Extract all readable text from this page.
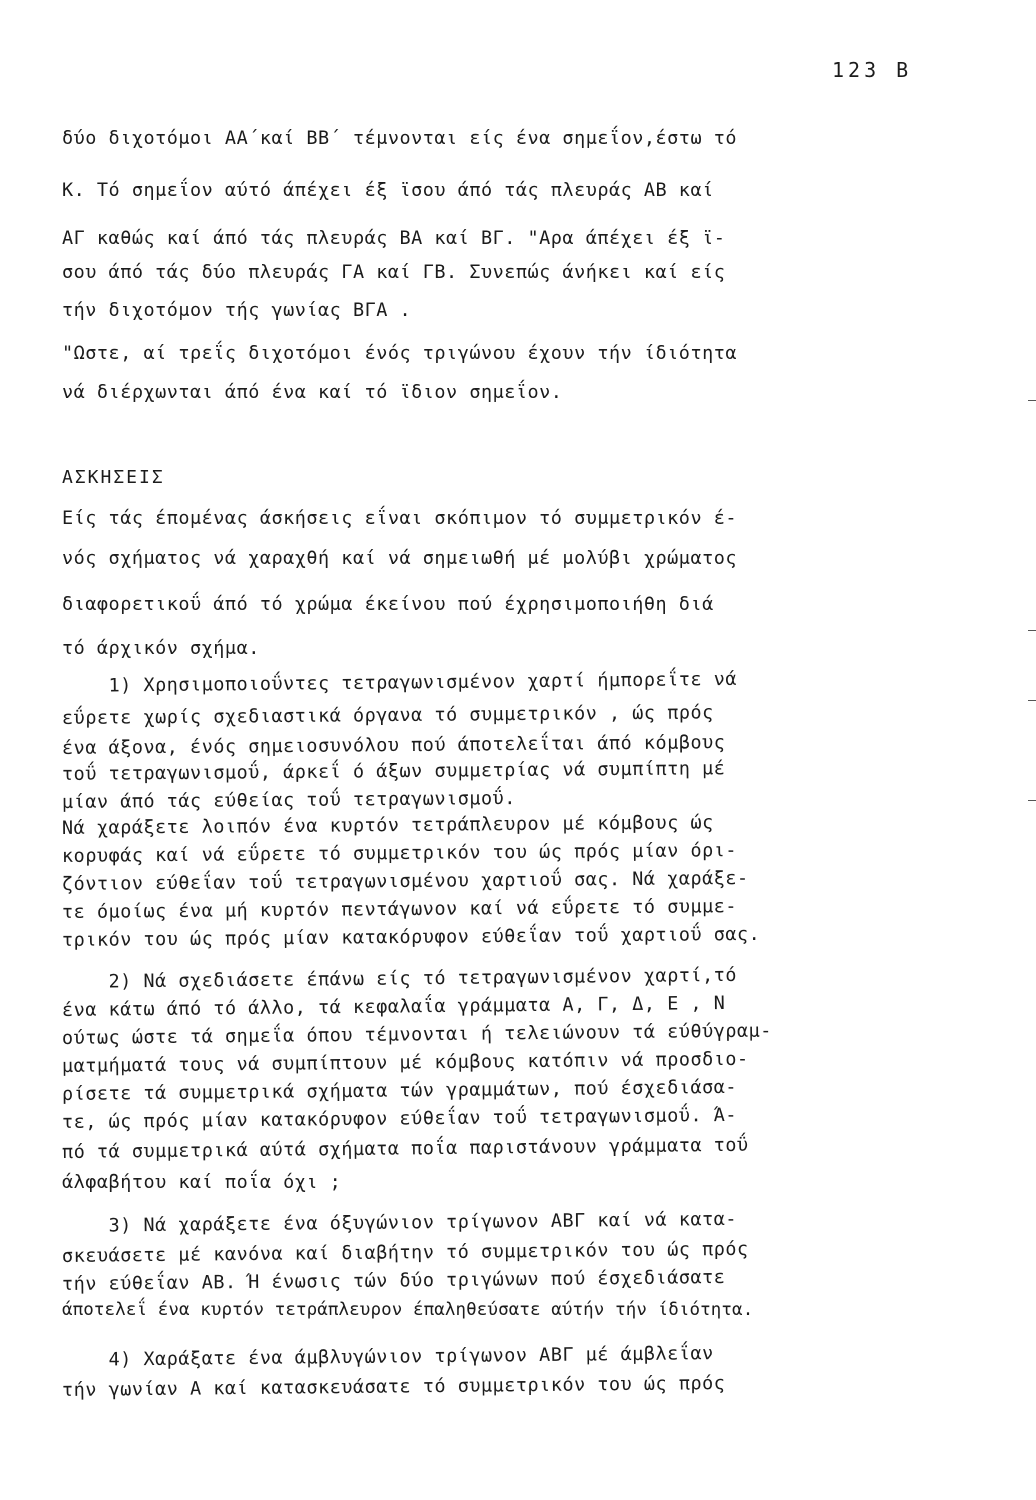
123 B
δύο διχοτόμοι ΑΑ΄καί ΒΒ΄ τέμνονται είς ένα σημεΐον,έστω τό
Κ. Τό σημεΐον αύτό άπέχει έξ ϊσου άπό τάς πλευράς ΑΒ καί
ΑΓ καθώς καί άπό τάς πλευράς ΒΑ καί ΒΓ. "Αρα άπέχει έξ ϊ-
σου άπό τάς δύο πλευράς ΓΑ καί ΓΒ. Συνεπώς άνήκει καί είς
τήν διχοτόμον τής γωνίας ΒΓΑ .
"Ωστε, αί τρεΐς διχοτόμοι ένός τριγώνου έχουν τήν ίδιότητα
νά διέρχωνται άπό ένα καί τό ϊδιον σημεΐον.
ΑΣΚΗΣΕΙΣ
Είς τάς έπομένας άσκήσεις εΐναι σκόπιμον τό συμμετρικόν έ-
νός σχήματος νά χαραχθή καί νά σημειωθή μέ μολύβι χρώματος
διαφορετικοΰ άπό τό χρώμα έκείνου πού έχρησιμοποιήθη διά
τό άρχικόν σχήμα.
1) Χρησιμοποιοΰντες τετραγωνισμένον χαρτί ήμπορεΐτε νά
εΰρετε χωρίς σχεδιαστικά όργανα τό συμμετρικόν , ώς πρός
ένα άξονα, ένός σημειοσυνόλου πού άποτελεΐται άπό κόμβους
τοΰ τετραγωνισμοΰ, άρκεΐ ό άξων συμμετρίας νά συμπίπτη μέ
μίαν άπό τάς εύθείας τοΰ τετραγωνισμοΰ.
Νά χαράξετε λοιπόν ένα κυρτόν τετράπλευρον μέ κόμβους ώς
κορυφάς καί νά εΰρετε τό συμμετρικόν του ώς πρός μίαν όρι-
ζόντιον εύθεΐαν τοΰ τετραγωνισμένου χαρτιοΰ σας. Νά χαράξε-
τε όμοίως ένα μή κυρτόν πεντάγωνον καί νά εΰρετε τό συμμε-
τρικόν του ώς πρός μίαν κατακόρυφον εύθεΐαν τοΰ χαρτιοΰ σας.
2) Νά σχεδιάσετε έπάνω είς τό τετραγωνισμένον χαρτί,τό
ένα κάτω άπό τό άλλο, τά κεφαλαΐα γράμματα Α, Γ, Δ, Ε , Ν
ούτως ώστε τά σημεΐα όπου τέμνονται ή τελειώνουν τά εύθύγραμ-
ματμήματά τους νά συμπίπτουν μέ κόμβους κατόπιν νά προσδιο-
ρίσετε τά συμμετρικά σχήματα τών γραμμάτων, πού έσχεδιάσα-
τε, ώς πρός μίαν κατακόρυφον εύθεΐαν τοΰ τετραγωνισμοΰ. Ά-
πό τά συμμετρικά αύτά σχήματα ποΐα παριστάνουν γράμματα τοΰ
άλφαβήτου καί ποΐα όχι ;
3) Νά χαράξετε ένα όξυγώνιον τρίγωνον ΑΒΓ καί νά κατα-
σκευάσετε μέ κανόνα καί διαβήτην τό συμμετρικόν του ώς πρός
τήν εύθεΐαν ΑΒ. Ή ένωσις τών δύο τριγώνων πού έσχεδιάσατε
άποτελεΐ ένα κυρτόν τετράπλευρον έπαληθεύσατε αύτήν τήν ίδιότητα.
4) Χαράξατε ένα άμβλυγώνιον τρίγωνον ΑΒΓ μέ άμβλεΐαν
τήν γωνίαν Α καί κατασκευάσατε τό συμμετρικόν του ώς πρός
